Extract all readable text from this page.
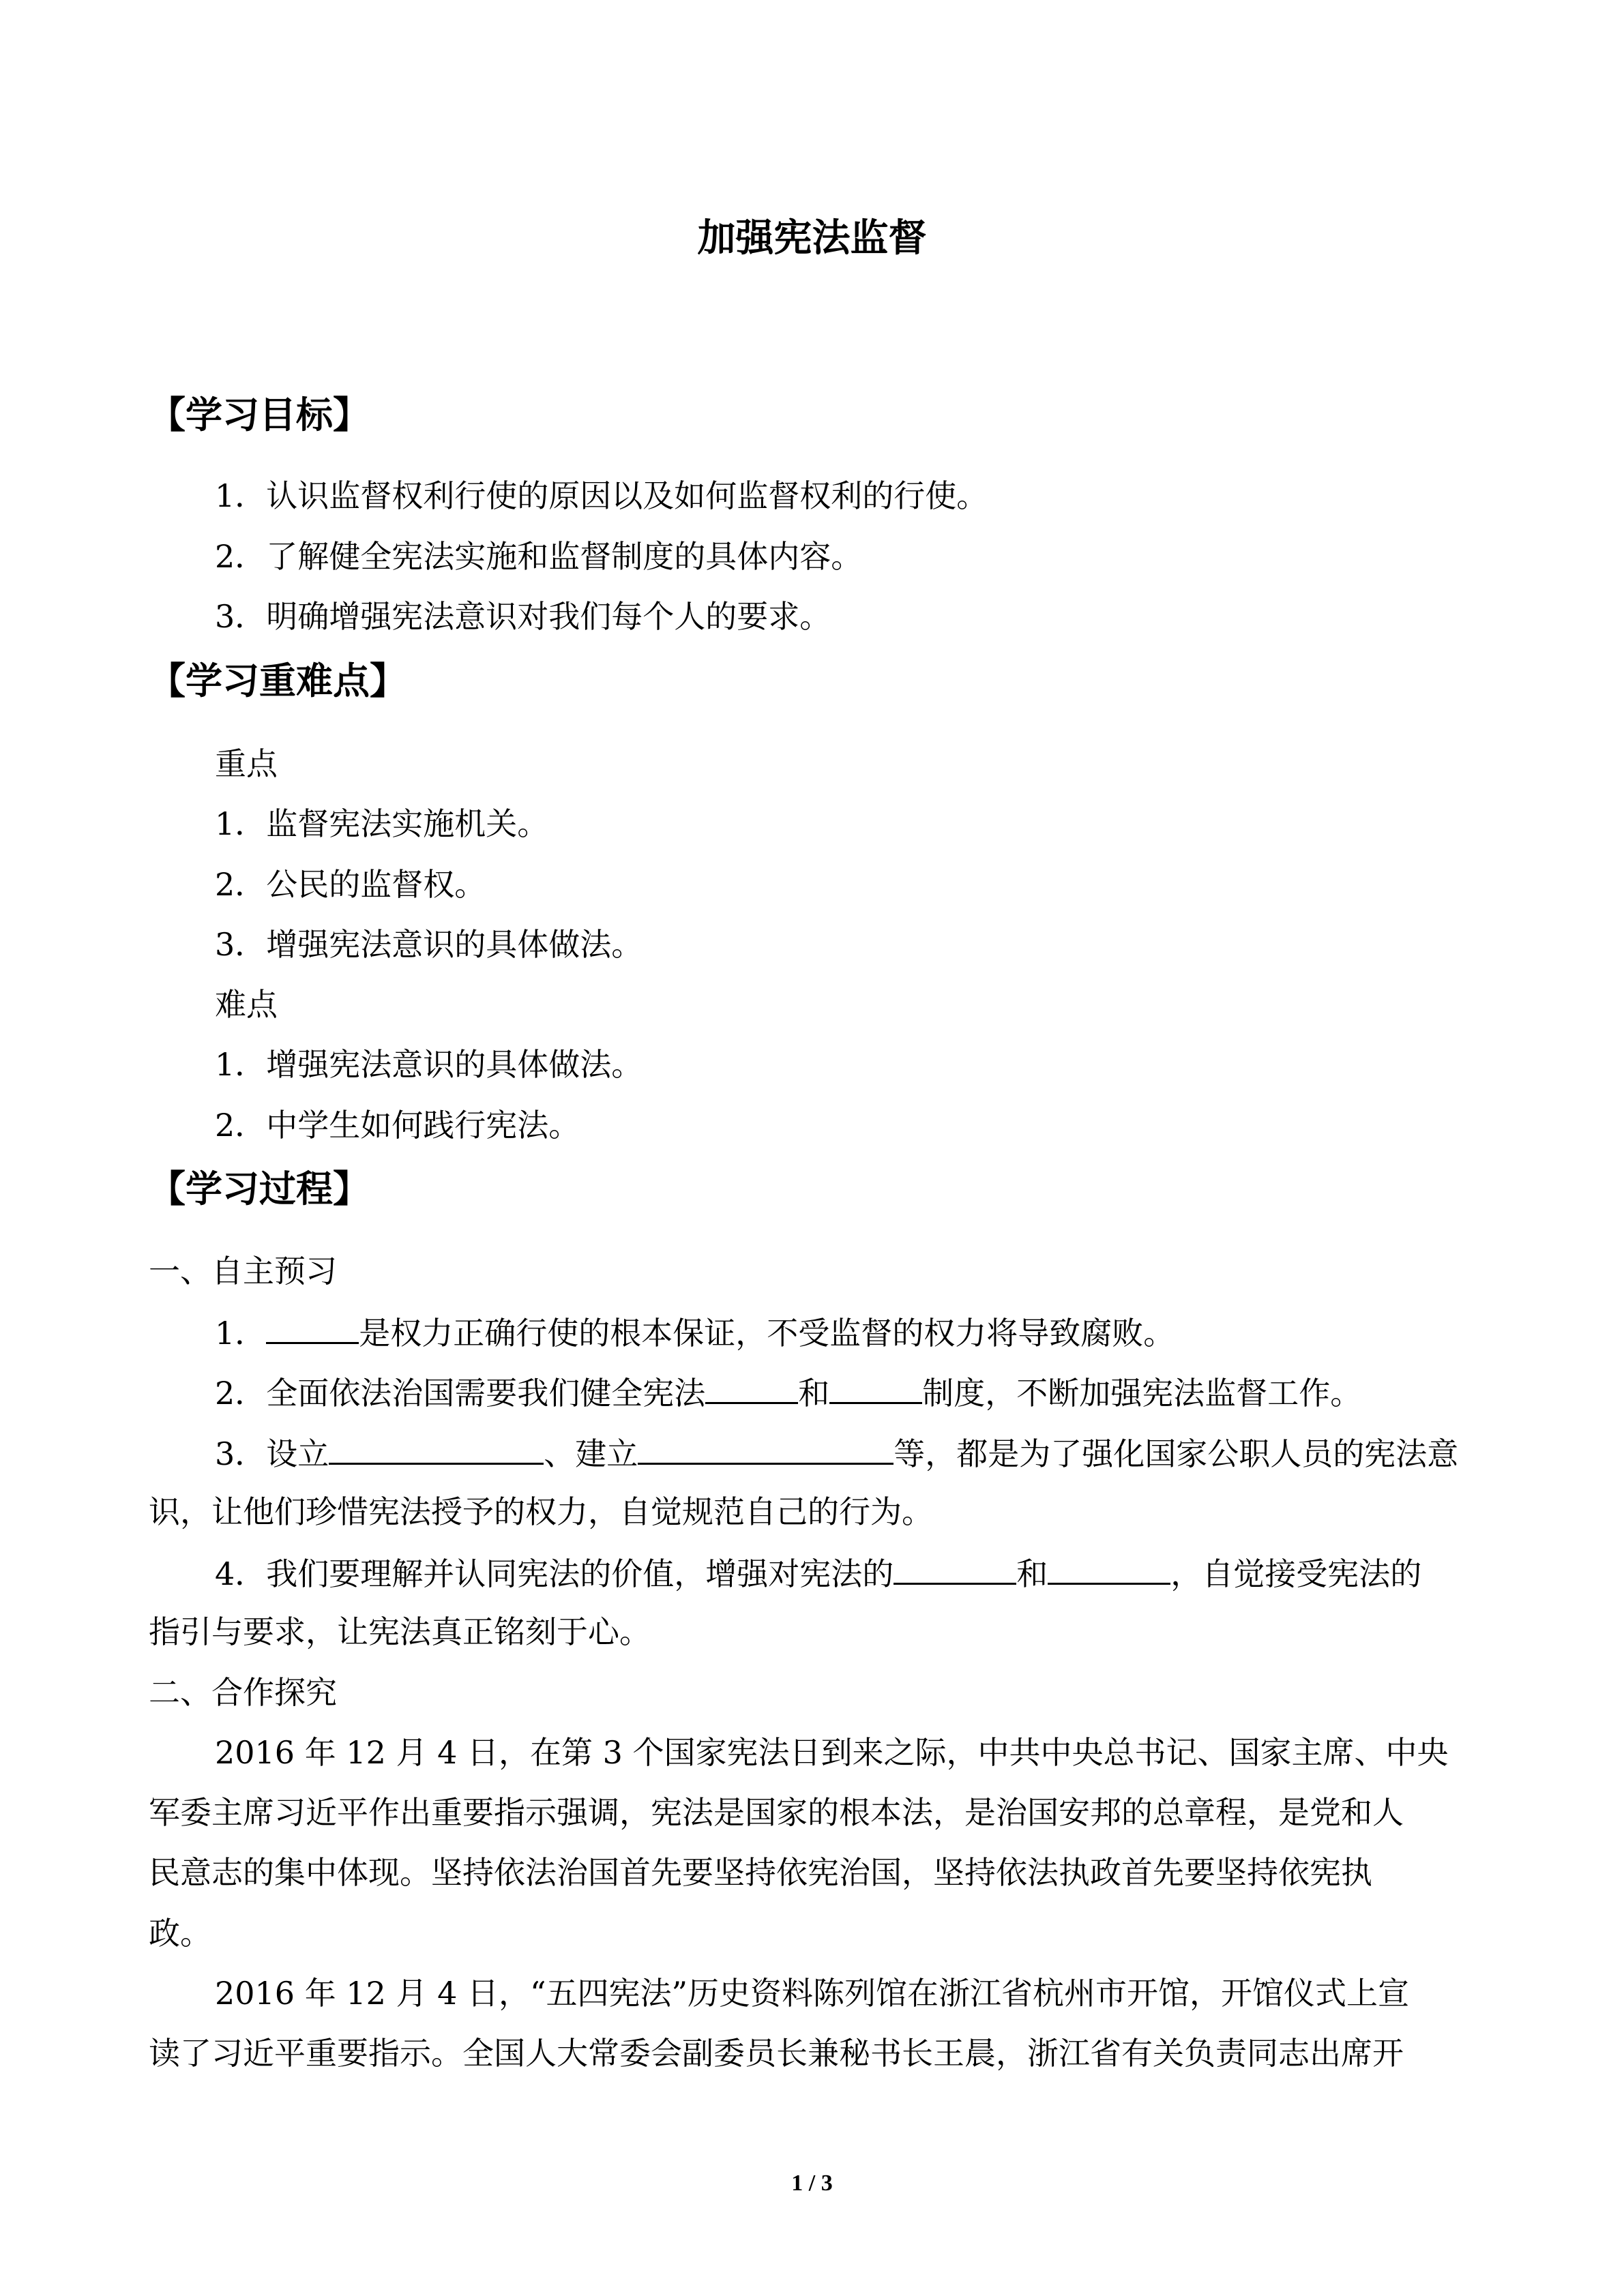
加强宪法监督
【学习目标】
1．认识监督权利行使的原因以及如何监督权利的行使。
2．了解健全宪法实施和监督制度的具体内容。
3．明确增强宪法意识对我们每个人的要求。
【学习重难点】
重点
1．监督宪法实施机关。
2．公民的监督权。
3．增强宪法意识的具体做法。
难点
1．增强宪法意识的具体做法。
2．中学生如何践行宪法。
【学习过程】
一、自主预习
1．	是权力正确行使的根本保证，不受监督的权力将导致腐败。
2．全面依法治国需要我们健全宪法	和	制度，不断加强宪法监督工作。
3．设立	、建立	等，都是为了强化国家公职人员的宪法意
识，让他们珍惜宪法授予的权力，自觉规范自己的行为。
4．我们要理解并认同宪法的价值，增强对宪法的	和	，自觉接受宪法的
指引与要求，让宪法真正铭刻于心。
二、合作探究
2016 年 12 月 4 日，在第 3 个国家宪法日到来之际，中共中央总书记、国家主席、中央
军委主席习近平作出重要指示强调，宪法是国家的根本法，是治国安邦的总章程，是党和人
民意志的集中体现。坚持依法治国首先要坚持依宪治国，坚持依法执政首先要坚持依宪执
政。
2016 年 12 月 4 日，“五四宪法”历史资料陈列馆在浙江省杭州市开馆，开馆仪式上宣
读了习近平重要指示。全国人大常委会副委员长兼秘书长王晨，浙江省有关负责同志出席开
1 / 3
